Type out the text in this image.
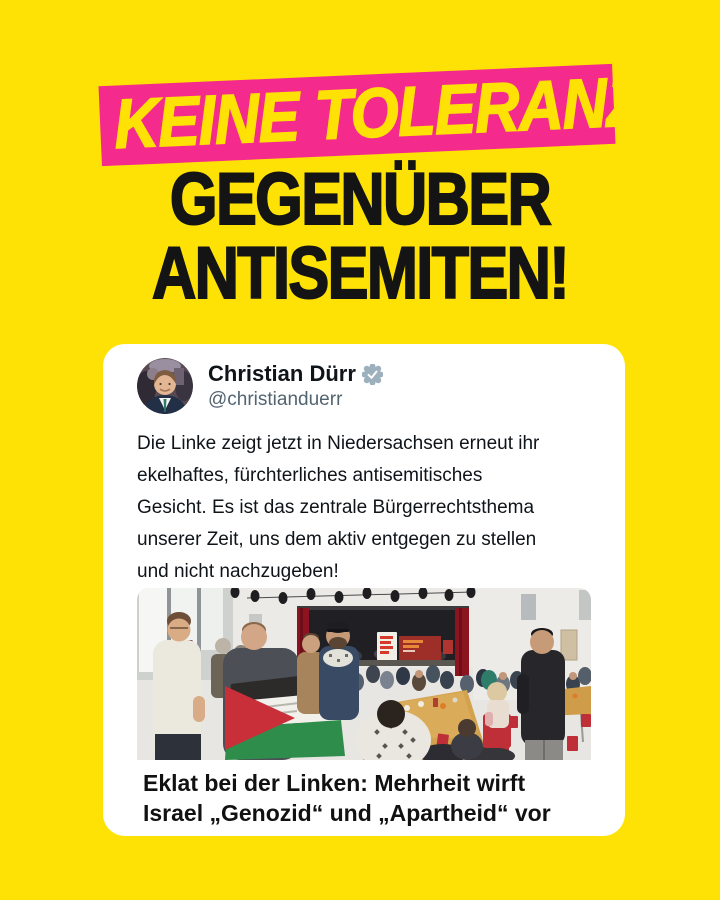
KEINE TOLERANZ
GEGENÜBER
ANTISEMITEN!
Christian Dürr
@christianduerr
Die Linke zeigt jetzt in Niedersachsen erneut ihr
ekelhaftes, fürchterliches antisemitisches
Gesicht. Es ist das zentrale Bürgerrechtsthema
unserer Zeit, uns dem aktiv entgegen zu stellen
und nicht nachzugeben!
Eklat bei der Linken: Mehrheit wirft
Israel „Genozid“ und „Apartheid“ vor
